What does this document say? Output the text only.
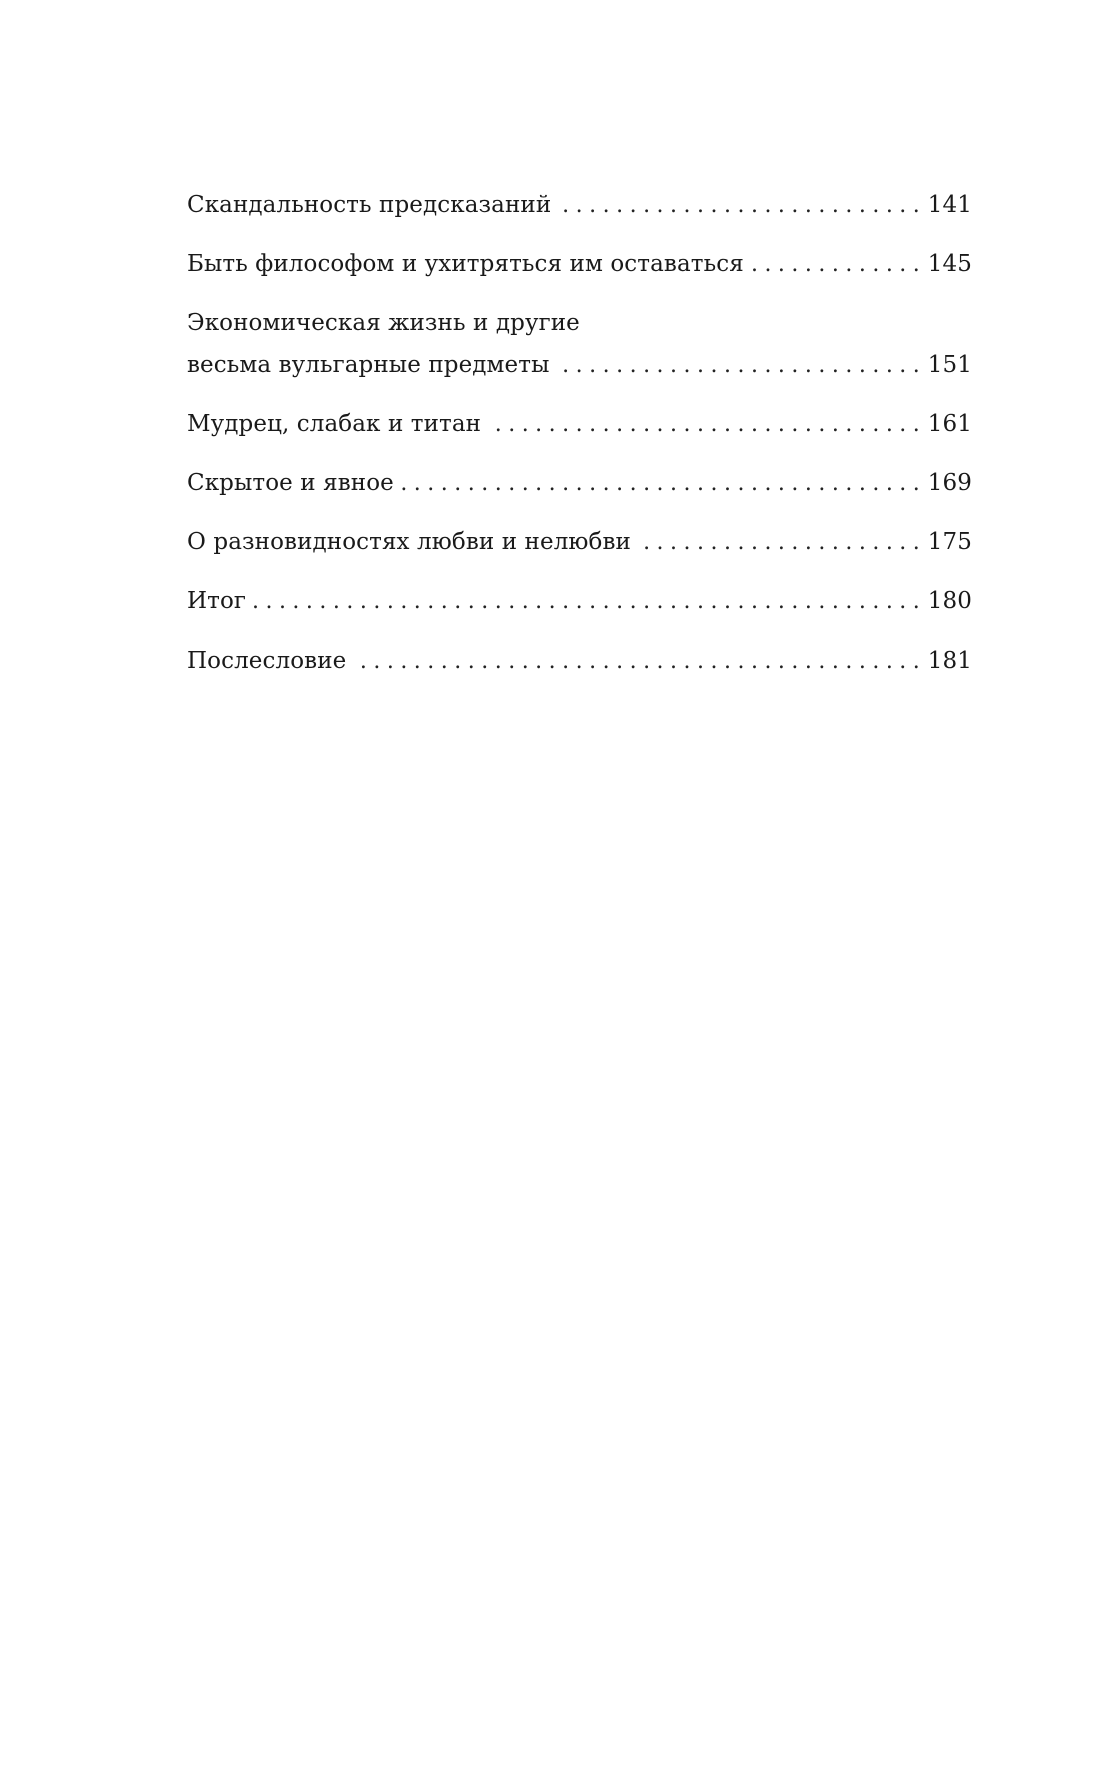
Скандальность предсказаний . . .	141
Быть философом и ухитряться им оставаться . . .	145
Экономическая жизнь и другие
весьма вульгарные предметы . . .	151
Мудрец, слабак и титан . . .	161
Скрытое и явное . . .	169
О разновидностях любви и нелюбви . . .	175
Итог . . .	180
Послесловие . . .	181
